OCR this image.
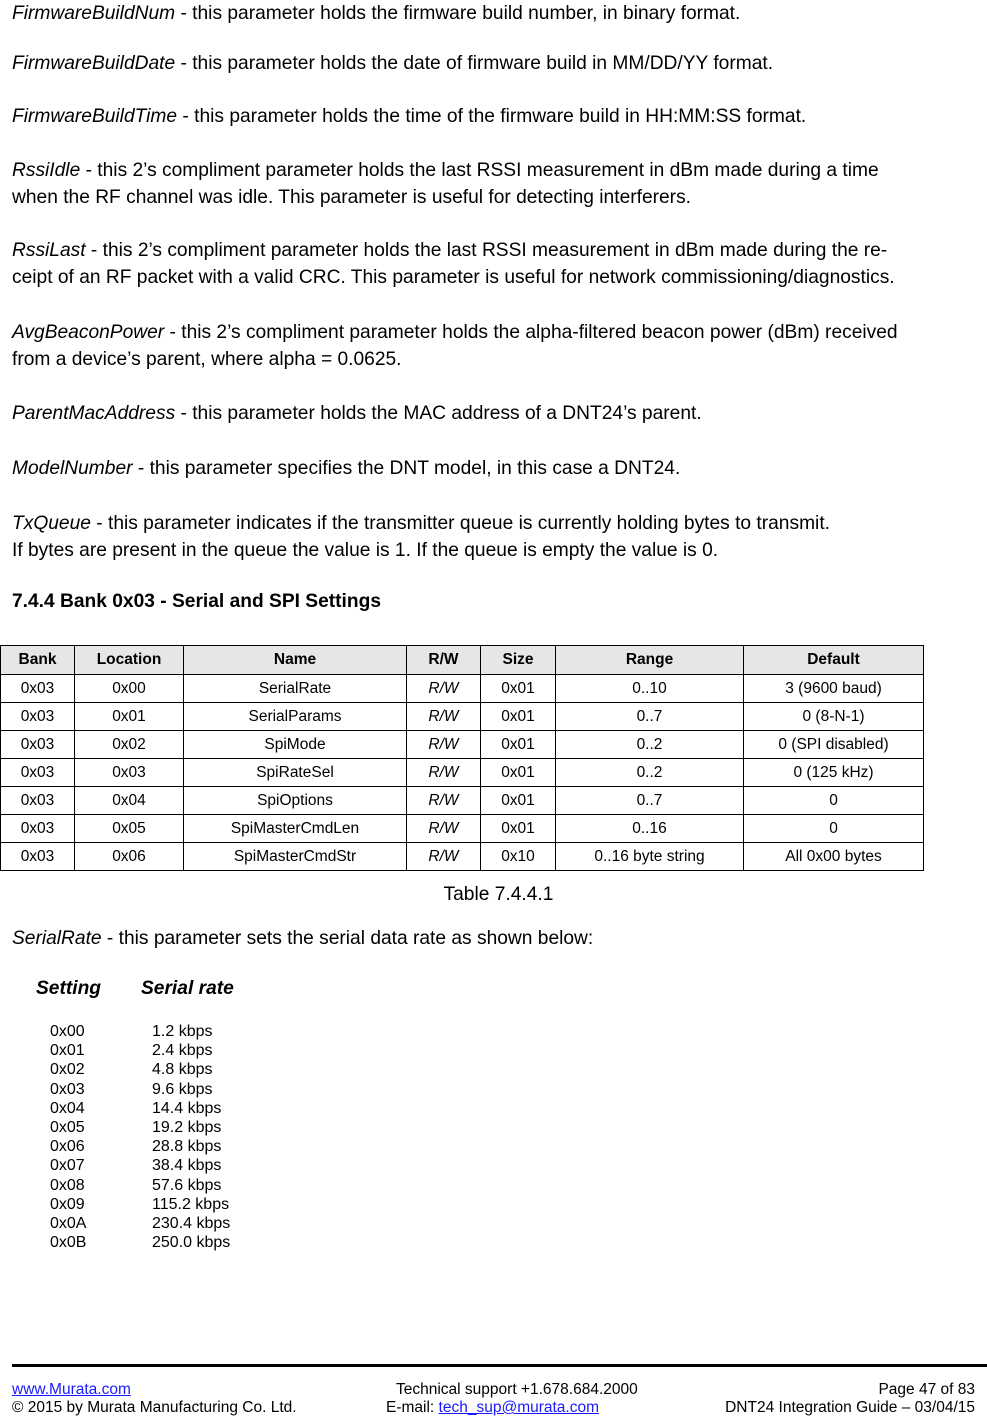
FirmwareBuildNum - this parameter holds the firmware build number, in binary format.
FirmwareBuildDate - this parameter holds the date of firmware build in MM/DD/YY format.
FirmwareBuildTime - this parameter holds the time of the firmware build in HH:MM:SS format.
RssiIdle - this 2’s compliment parameter holds the last RSSI measurement in dBm made during a time
when the RF channel was idle. This parameter is useful for detecting interferers.
RssiLast - this 2’s compliment parameter holds the last RSSI measurement in dBm made during the re-
ceipt of an RF packet with a valid CRC. This parameter is useful for network commissioning/diagnostics.
AvgBeaconPower - this 2’s compliment parameter holds the alpha-filtered beacon power (dBm) received
from a device’s parent, where alpha = 0.0625.
ParentMacAddress - this parameter holds the MAC address of a DNT24’s parent.
ModelNumber - this parameter specifies the DNT model, in this case a DNT24.
TxQueue - this parameter indicates if the transmitter queue is currently holding bytes to transmit.
If bytes are present in the queue the value is 1. If the queue is empty the value is 0.
7.4.4 Bank 0x03 - Serial and SPI Settings
Bank	Location	Name	R/W	Size	Range	Default
0x03	0x00	SerialRate	R/W	0x01	0..10	3 (9600 baud)
0x03	0x01	SerialParams	R/W	0x01	0..7	0 (8-N-1)
0x03	0x02	SpiMode	R/W	0x01	0..2	0 (SPI disabled)
0x03	0x03	SpiRateSel	R/W	0x01	0..2	0 (125 kHz)
0x03	0x04	SpiOptions	R/W	0x01	0..7	0
0x03	0x05	SpiMasterCmdLen	R/W	0x01	0..16	0
0x03	0x06	SpiMasterCmdStr	R/W	0x10	0..16 byte string	All 0x00 bytes
Table 7.4.4.1
SerialRate - this parameter sets the serial data rate as shown below:
Setting Serial rate
0x00	1.2 kbps
0x01	2.4 kbps
0x02	4.8 kbps
0x03	9.6 kbps
0x04	14.4 kbps
0x05	19.2 kbps
0x06	28.8 kbps
0x07	38.4 kbps
0x08	57.6 kbps
0x09	115.2 kbps
0x0A	230.4 kbps
0x0B	250.0 kbps
www.Murata.com
© 2015 by Murata Manufacturing Co. Ltd.
Technical support +1.678.684.2000
E-mail: tech_sup@murata.com
Page 47 of 83
DNT24 Integration Guide – 03/04/15
